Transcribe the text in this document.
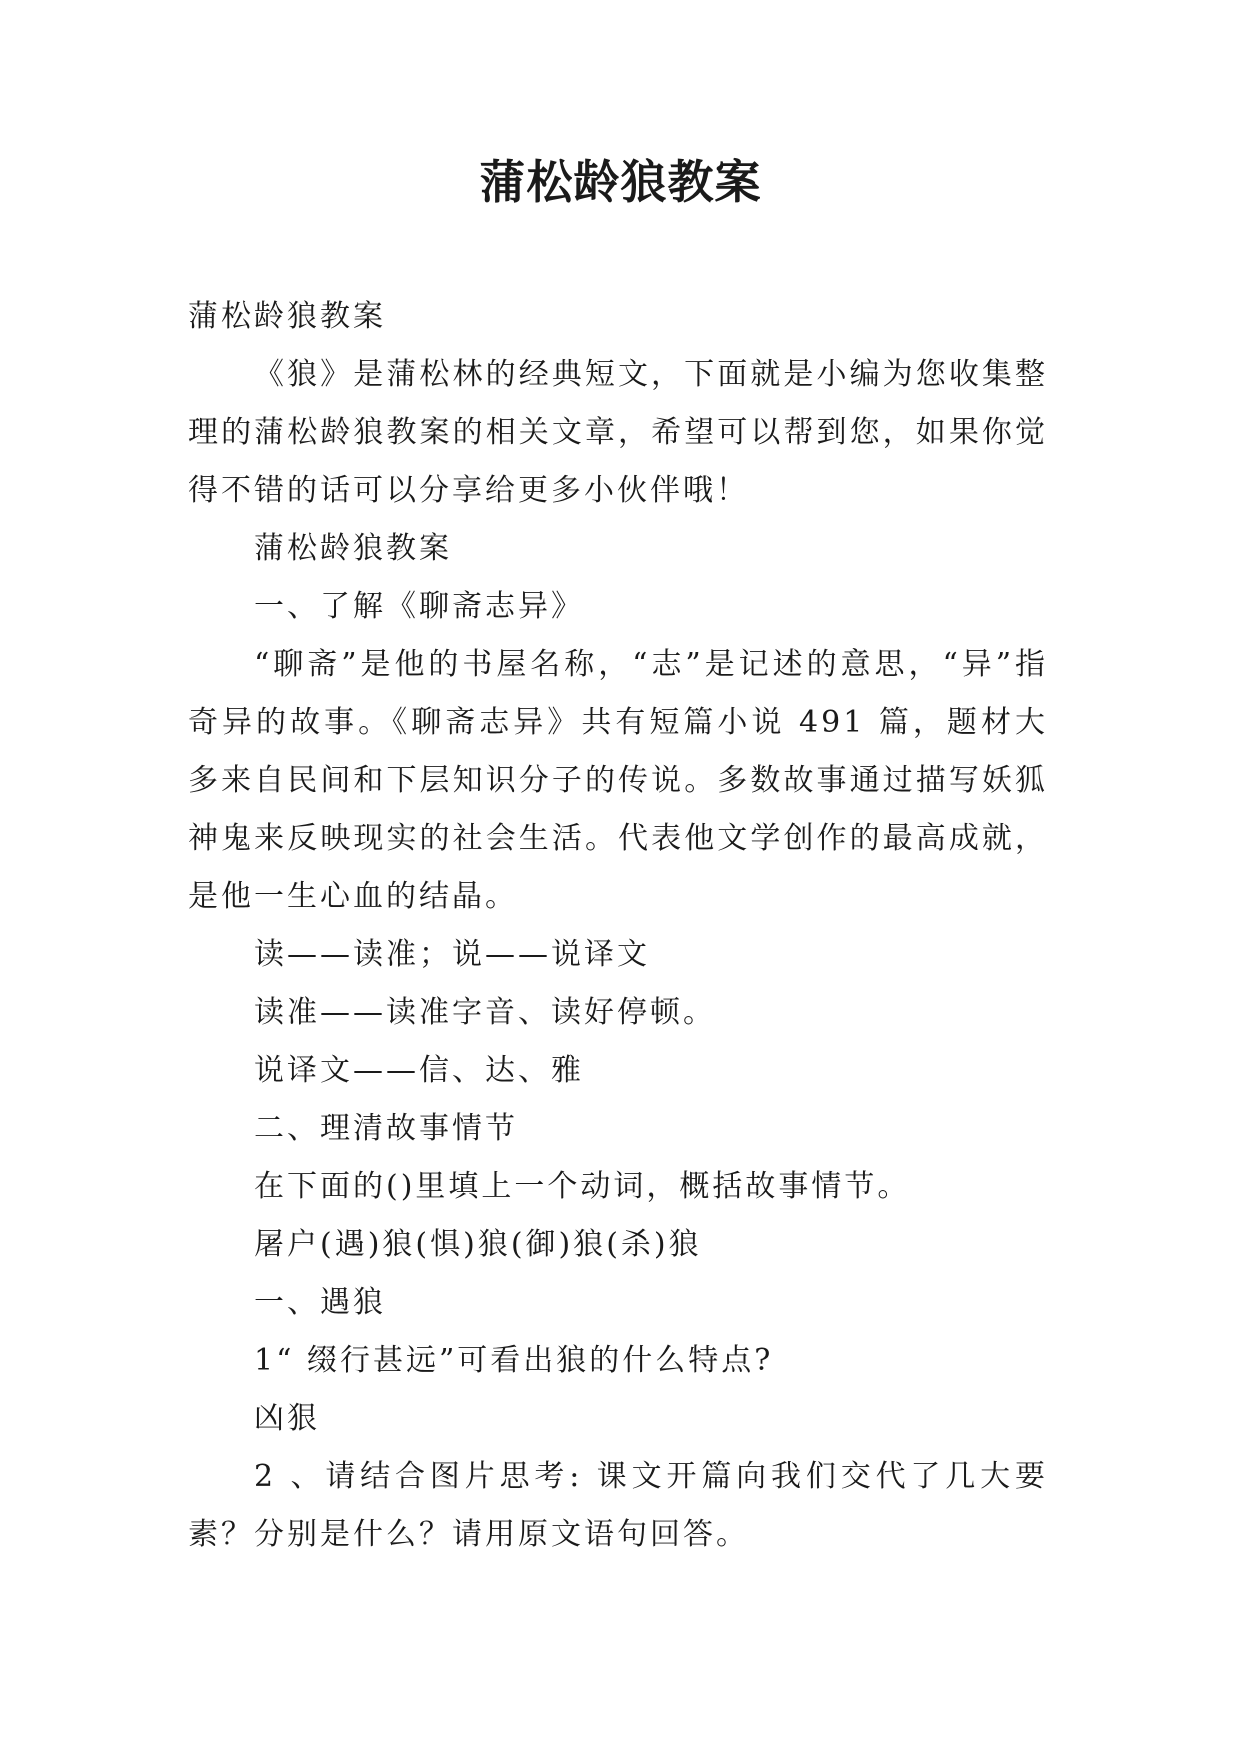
蒲松龄狼教案

蒲松龄狼教案

《狼》是蒲松林的经典短文，下面就是小编为您收集整理的蒲松龄狼教案的相关文章，希望可以帮到您，如果你觉得不错的话可以分享给更多小伙伴哦！

蒲松龄狼教案

一、了解《聊斋志异》

“聊斋”是他的书屋名称，“志”是记述的意思，“异”指奇异的故事。《聊斋志异》共有短篇小说 491 篇，题材大多来自民间和下层知识分子的传说。多数故事通过描写妖狐神鬼来反映现实的社会生活。代表他文学创作的最高成就，是他一生心血的结晶。

读——读准；说——说译文

读准——读准字音、读好停顿。

说译文——信、达、雅

二、理清故事情节

在下面的()里填上一个动词，概括故事情节。

屠户(遇)狼(惧)狼(御)狼(杀)狼

一、遇狼

1“ 缀行甚远”可看出狼的什么特点?

凶狠

2 、请结合图片思考: 课文开篇向我们交代了几大要素？分别是什么？请用原文语句回答。
